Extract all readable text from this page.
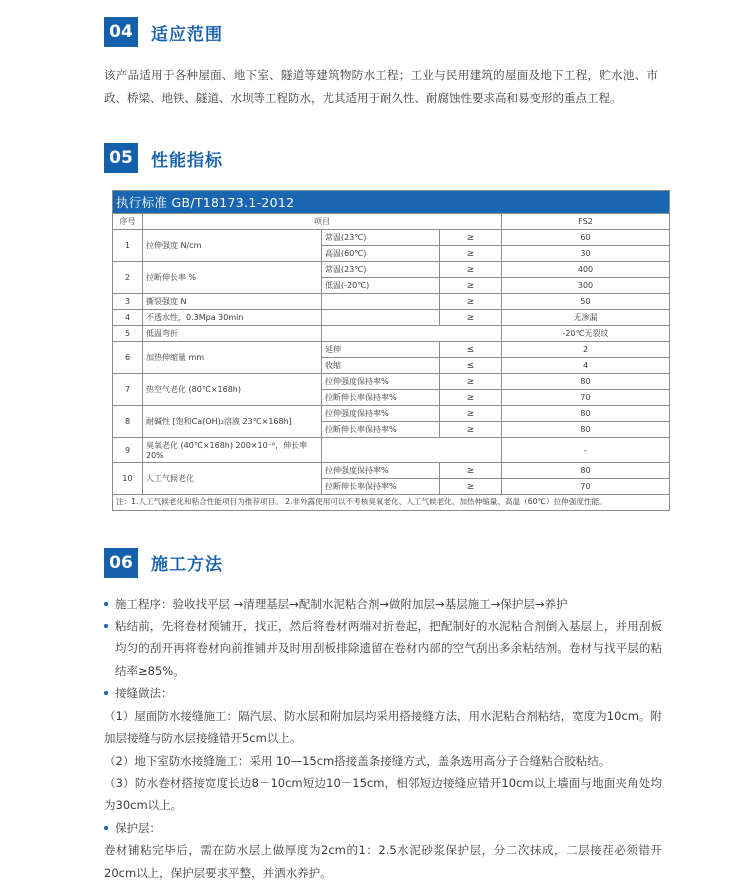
04	适应范围
该产品适用于各种屋面、地下室、隧道等建筑物防水工程；工业与民用建筑的屋面及地下工程，贮水池、市政、桥梁、地铁、隧道、水坝等工程防水，尤其适用于耐久性、耐腐蚀性要求高和易变形的重点工程。
05	性能指标
执行标准 GB/T18173.1-2012				
序号	项目			FS2
1	拉伸强度 N/cm	常温(23℃)	≥	60
		高温(60℃)	≥	30
2	拉断伸长率 %	常温(23℃)	≥	400
		低温(-20℃)	≥	300
3	撕裂强度 N		≥	50
4	不透水性，0.3Mpa 30min		≥	无渗漏
5	低温弯折			-20℃无裂纹
6	加热伸缩量 mm	延伸	≤	2
		收缩	≤	4
7	热空气老化 (80℃×168h)	拉伸强度保持率%	≥	80
		拉断伸长率保持率%	≥	70
8	耐碱性 [饱和Ca(OH)₂溶液 23℃×168h]	拉伸强度保持率%	≥	80
		拉断伸长率保持率%	≥	80
9	臭氧老化 (40℃×168h) 200×10⁻⁶，伸长率20%			-
10	人工气候老化	拉伸强度保持率%	≥	80
		拉断伸长率保持率%	≥	70
注：1.人工气候老化和粘合性能项目为推荐项目。 2.非外露使用可以不考核臭氧老化、人工气候老化、加热伸缩量、高温（60℃）拉伸强度性能。				
06	施工方法
施工程序：验收找平层 →清理基层→配制水泥粘合剂→做附加层→基层施工→保护层→养护
粘结前，先将卷材预铺开，找正，然后将卷材两端对折卷起，把配制好的水泥粘合剂倒入基层上，并用刮板均匀的刮开再将卷材向前推铺并及时用刮板排除遗留在卷材内部的空气刮出多余粘结剂。卷材与找平层的粘结率≥85%。
接缝做法：
（1）屋面防水接缝施工：隔汽层、防水层和附加层均采用搭接缝方法，用水泥粘合剂粘结，宽度为10cm。附加层接缝与防水层接缝错开5cm以上。
（2）地下室防水接缝施工：采用 10—15cm搭接盖条接缝方式，盖条选用高分子合缝粘合胶粘结。
（3）防水卷材搭接宽度长边8－10cm短边10－15cm，相邻短边接缝应错开10cm以上墙面与地面夹角处均为30cm以上。
保护层：
卷材铺粘完毕后，需在防水层上做厚度为2cm的1：2.5水泥砂浆保护层，分二次抹成，二层接茬必须错开20cm以上，保护层要求平整，并洒水养护。
